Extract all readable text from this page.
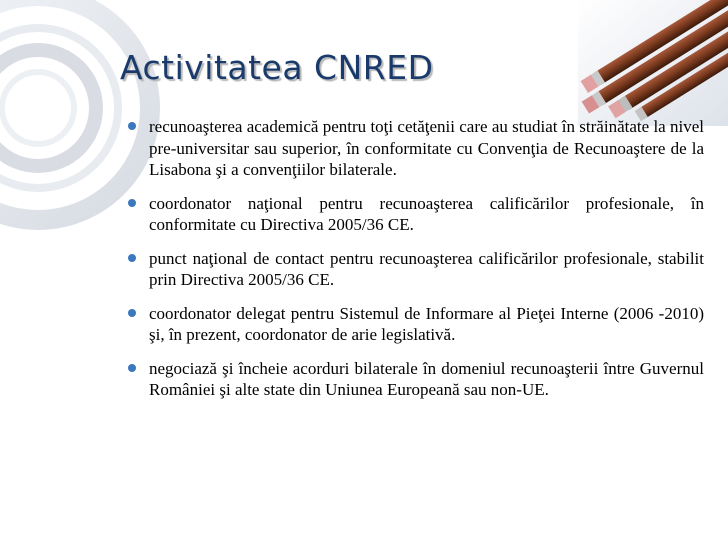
Activitatea CNRED
recunoaşterea academică pentru toţi cetăţenii care au studiat în străinătate la nivel pre-universitar sau superior, în conformitate cu Convenţia de Recunoaştere de la Lisabona şi a convenţiilor bilaterale.
coordonator naţional pentru recunoaşterea calificărilor profesionale, în conformitate cu Directiva 2005/36 CE.
punct naţional de contact pentru recunoaşterea calificărilor profesionale, stabilit prin Directiva 2005/36 CE.
coordonator delegat pentru Sistemul de Informare al Pieţei Interne (2006 -2010) şi, în prezent, coordonator de arie legislativă.
negociază şi încheie acorduri bilaterale în domeniul recunoaşterii între Guvernul României şi alte state din Uniunea Europeană sau non-UE.
